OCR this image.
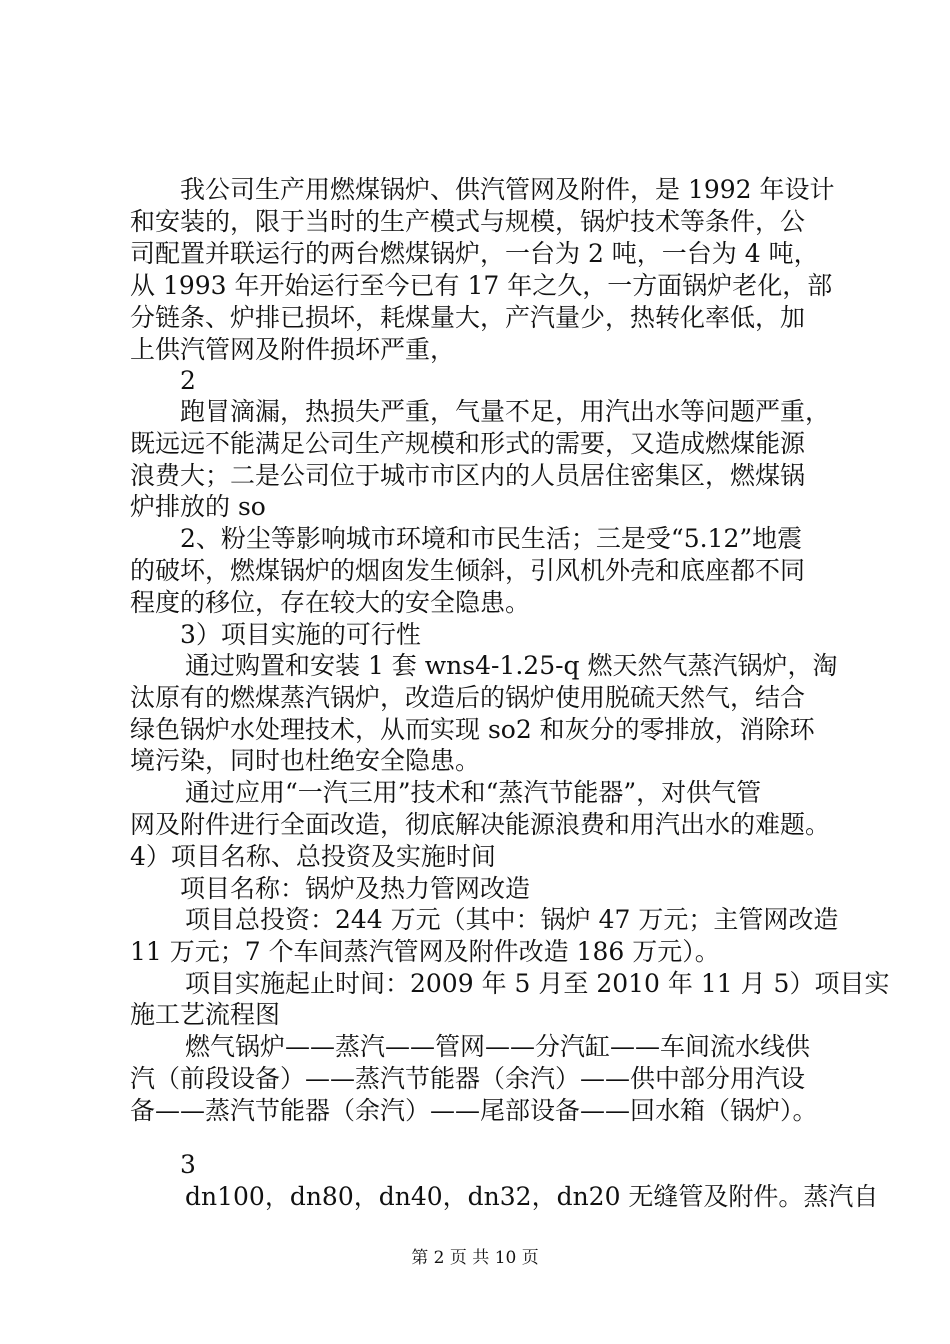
我公司生产用燃煤锅炉、供汽管网及附件，是 1992 年设计
和安装的，限于当时的生产模式与规模，锅炉技术等条件，公
司配置并联运行的两台燃煤锅炉，一台为 2 吨，一台为 4 吨，
从 1993 年开始运行至今已有 17 年之久，一方面锅炉老化，部
分链条、炉排已损坏，耗煤量大，产汽量少，热转化率低，加
上供汽管网及附件损坏严重，
2
跑冒滴漏，热损失严重，气量不足，用汽出水等问题严重，
既远远不能满足公司生产规模和形式的需要，又造成燃煤能源
浪费大；二是公司位于城市市区内的人员居住密集区，燃煤锅
炉排放的 so
2、粉尘等影响城市环境和市民生活；三是受“5.12”地震
的破坏，燃煤锅炉的烟囱发生倾斜，引风机外壳和底座都不同
程度的移位，存在较大的安全隐患。
3）项目实施的可行性
通过购置和安装 1 套 wns4-1.25-q 燃天然气蒸汽锅炉，淘
汰原有的燃煤蒸汽锅炉，改造后的锅炉使用脱硫天然气，结合
绿色锅炉水处理技术，从而实现 so2 和灰分的零排放，消除环
境污染，同时也杜绝安全隐患。
通过应用“一汽三用”技术和“蒸汽节能器”，对供气管
网及附件进行全面改造，彻底解决能源浪费和用汽出水的难题。
4）项目名称、总投资及实施时间
项目名称：锅炉及热力管网改造
项目总投资：244 万元（其中：锅炉 47 万元；主管网改造
11 万元；7 个车间蒸汽管网及附件改造 186 万元）。
项目实施起止时间：2009 年 5 月至 2010 年 11 月 5）项目实
施工艺流程图
燃气锅炉——蒸汽——管网——分汽缸——车间流水线供
汽（前段设备）——蒸汽节能器（余汽）——供中部分用汽设
备——蒸汽节能器（余汽）——尾部设备——回水箱（锅炉）。
3
dn100，dn80，dn40，dn32，dn20 无缝管及附件。蒸汽自
第 2 页 共 10 页
